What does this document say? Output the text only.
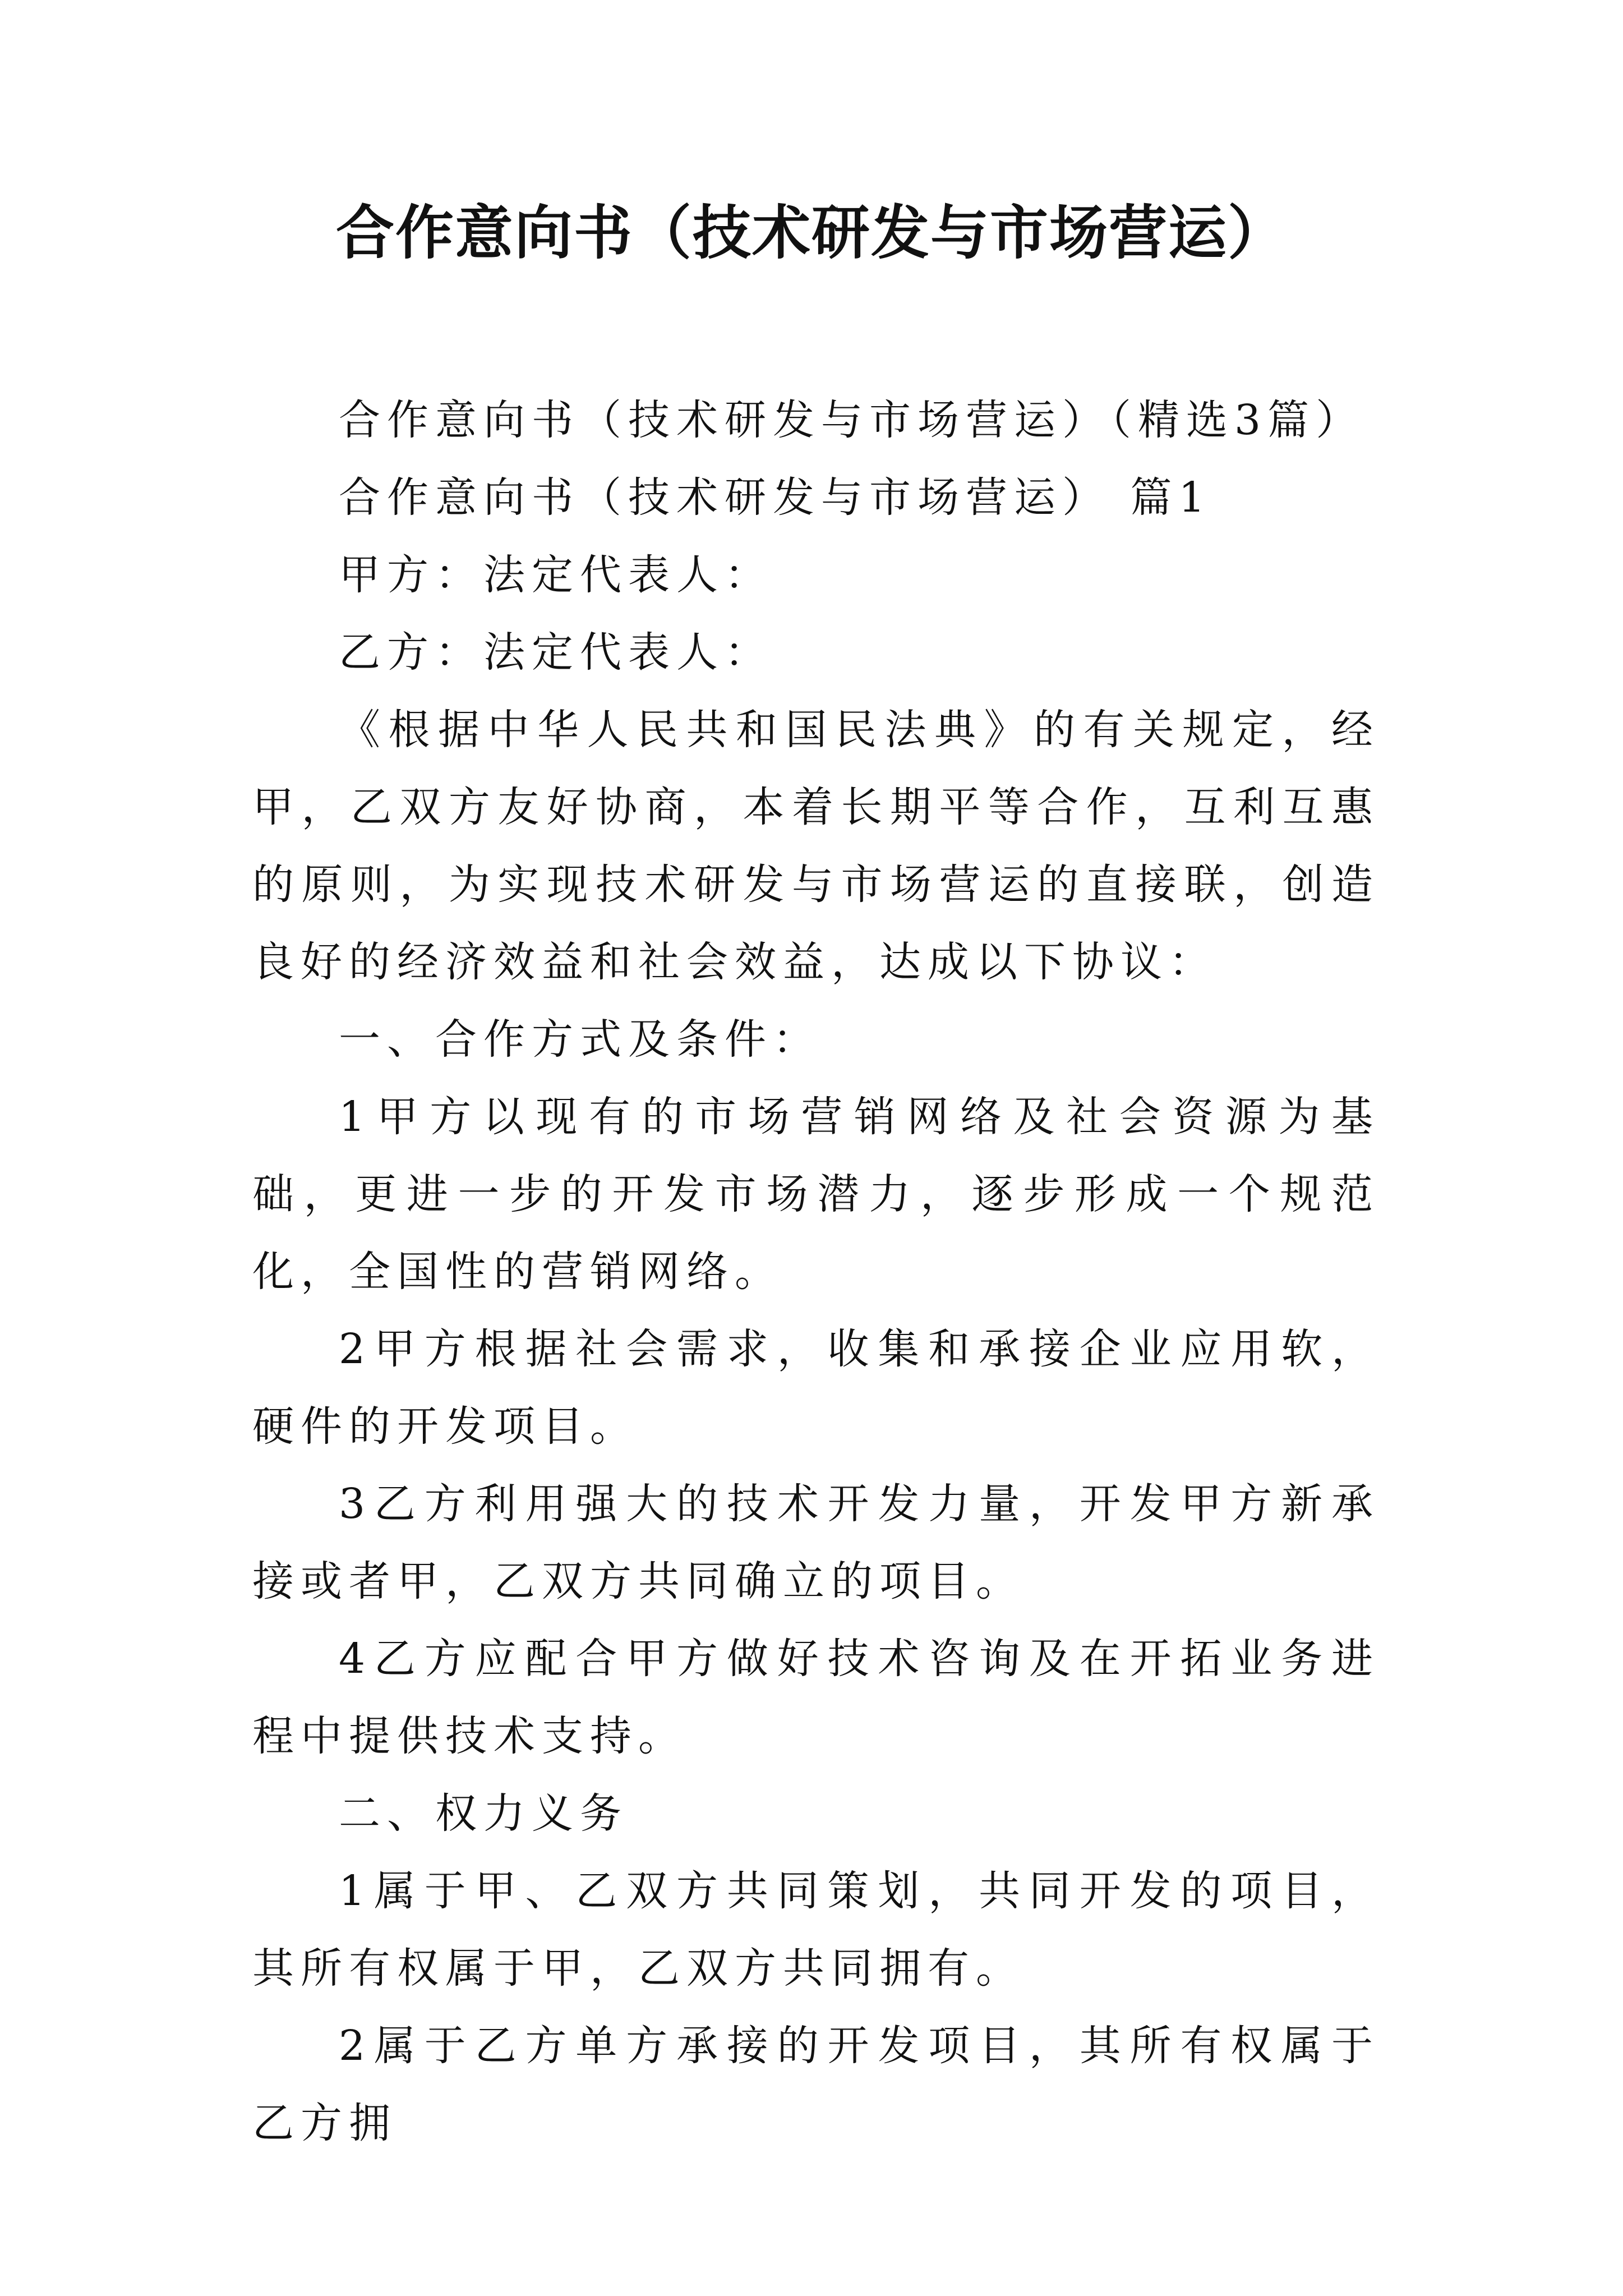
合作意向书（技术研发与市场营运）

合作意向书（技术研发与市场营运）（精选3篇）

合作意向书（技术研发与市场营运） 篇1

甲方：法定代表人：

乙方：法定代表人：

《根据中华人民共和国民法典》的有关规定，经甲，乙双方友好协商，本着长期平等合作，互利互惠的原则，为实现技术研发与市场营运的直接联，创造良好的经济效益和社会效益，达成以下协议：

一、合作方式及条件：

1甲方以现有的市场营销网络及社会资源为基础，更进一步的开发市场潜力，逐步形成一个规范化，全国性的营销网络。

2甲方根据社会需求，收集和承接企业应用软，硬件的开发项目。

3乙方利用强大的技术开发力量，开发甲方新承接或者甲，乙双方共同确立的项目。

4乙方应配合甲方做好技术咨询及在开拓业务进程中提供技术支持。

二、权力义务

1属于甲、乙双方共同策划，共同开发的项目，其所有权属于甲，乙双方共同拥有。

2属于乙方单方承接的开发项目，其所有权属于乙方拥
